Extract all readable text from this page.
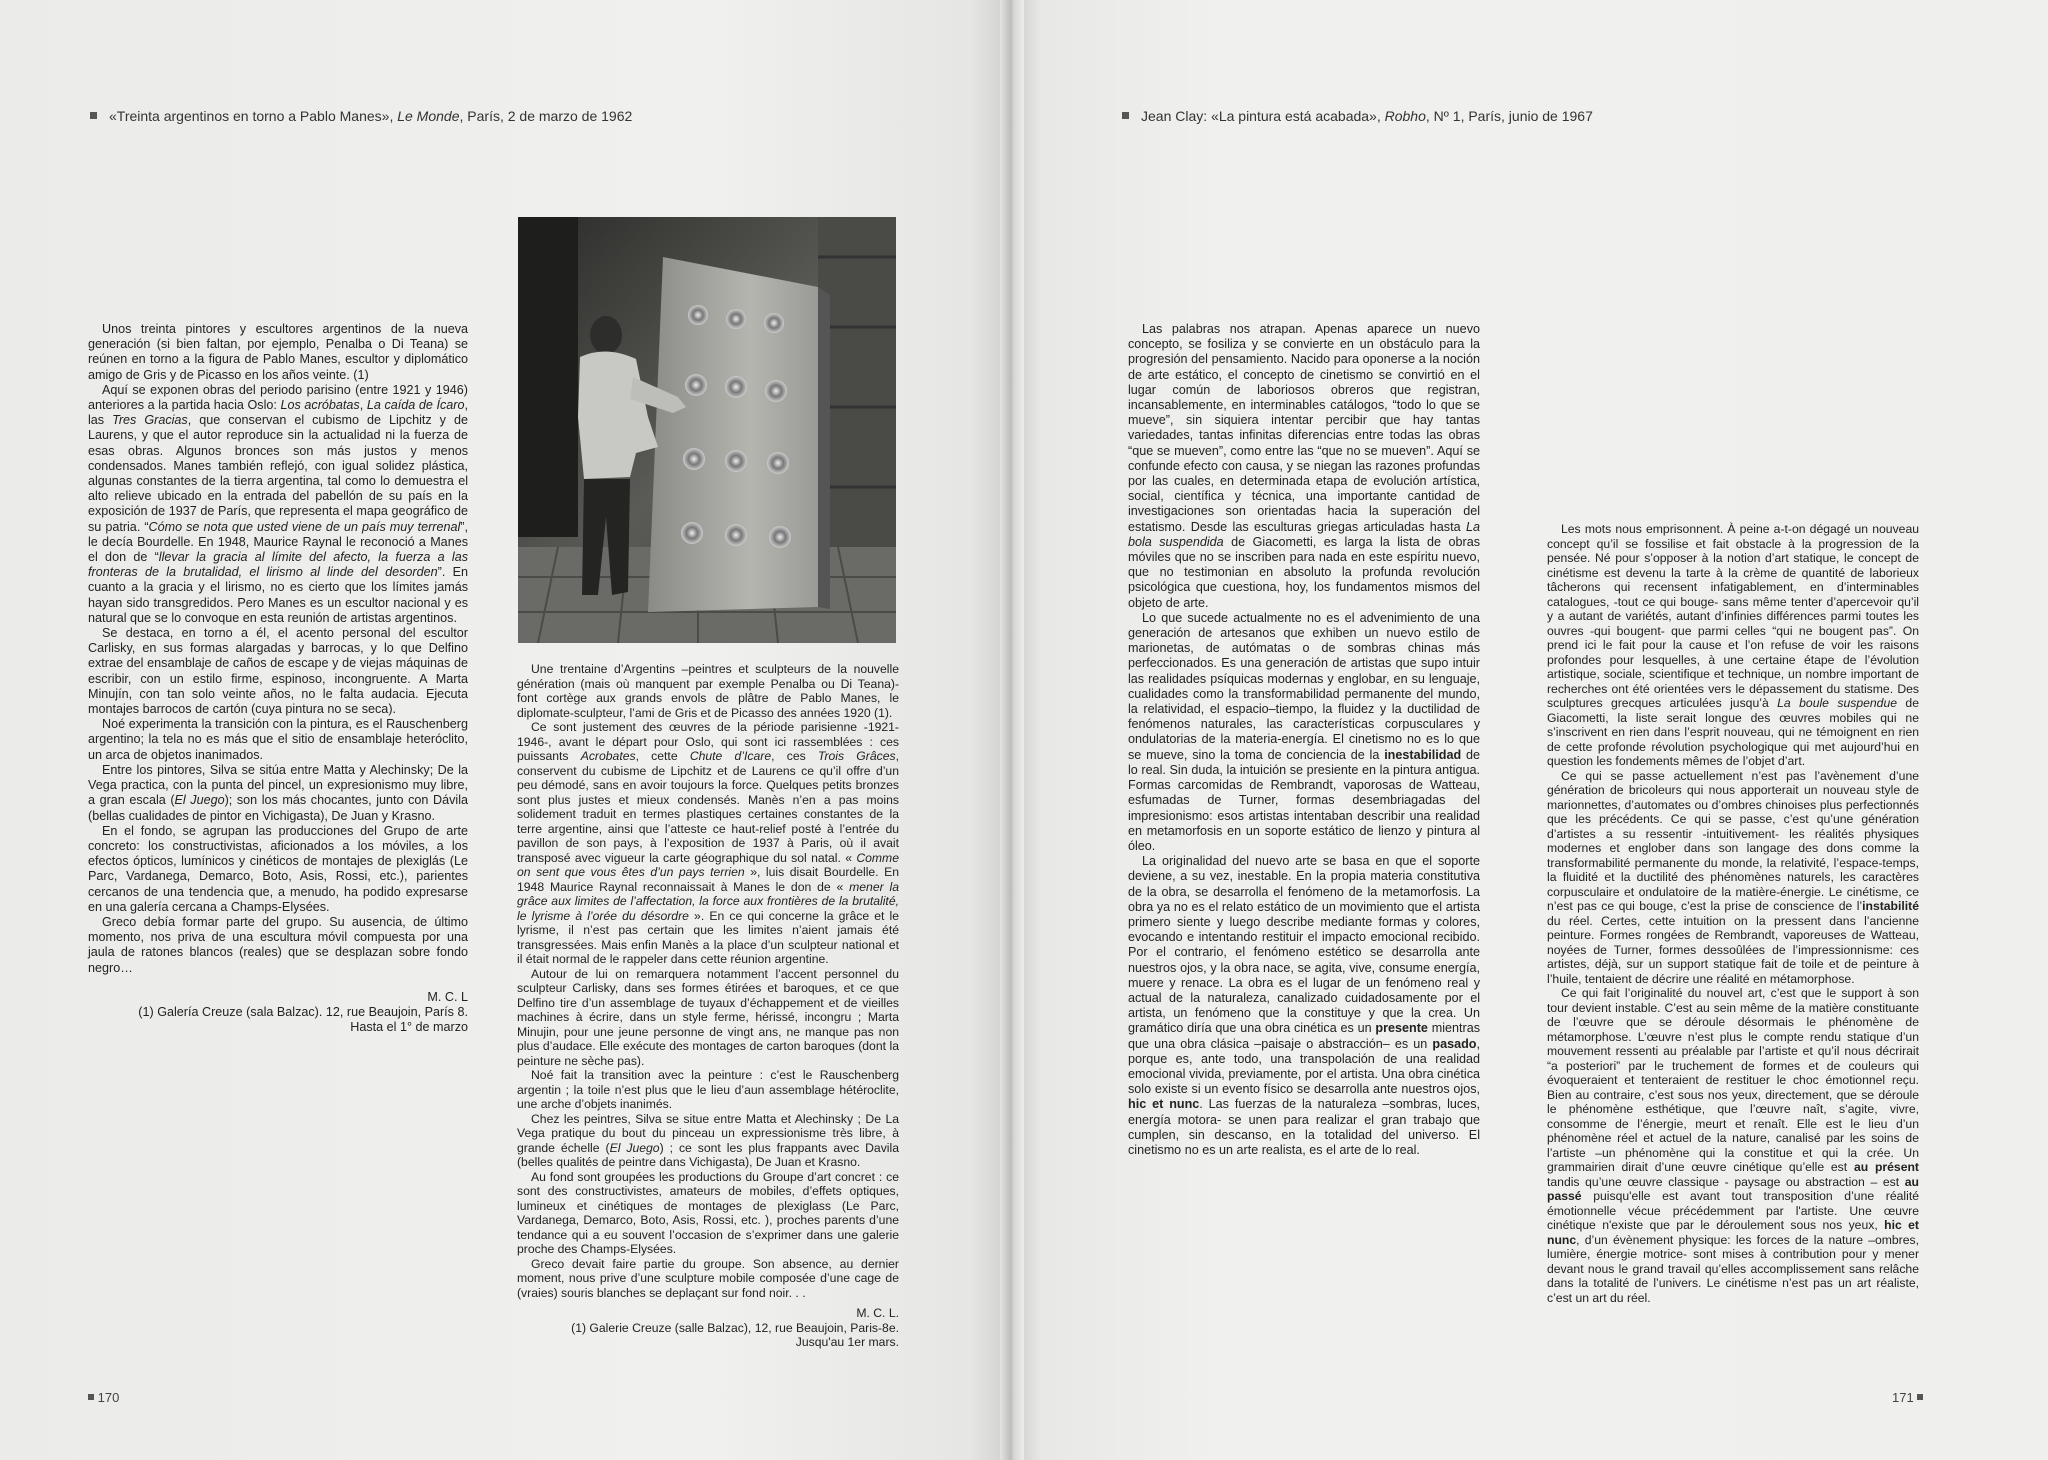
«Treinta argentinos en torno a Pablo Manes», Le Monde, París, 2 de marzo de 1962

Unos treinta pintores y escultores argentinos de la nueva generación (si bien faltan, por ejemplo, Penalba o Di Teana) se reúnen en torno a la figura de Pablo Manes, escultor y diplomático amigo de Gris y de Picasso en los años veinte. (1)

Aquí se exponen obras del periodo parisino (entre 1921 y 1946) anteriores a la partida hacia Oslo: Los acróbatas, La caída de Ícaro, las Tres Gracias, que conservan el cubismo de Lipchitz y de Laurens, y que el autor reproduce sin la actualidad ni la fuerza de esas obras. Algunos bronces son más justos y menos condensados. Manes también reflejó, con igual solidez plástica, algunas constantes de la tierra argentina, tal como lo demuestra el alto relieve ubicado en la entrada del pabellón de su país en la exposición de 1937 de París, que representa el mapa geográfico de su patria. “Cómo se nota que usted viene de un país muy terrenal”, le decía Bourdelle. En 1948, Maurice Raynal le reconoció a Manes el don de “llevar la gracia al límite del afecto, la fuerza a las fronteras de la brutalidad, el lirismo al linde del desorden”. En cuanto a la gracia y el lirismo, no es cierto que los límites jamás hayan sido transgredidos. Pero Manes es un escultor nacional y es natural que se lo convoque en esta reunión de artistas argentinos.

Se destaca, en torno a él, el acento personal del escultor Carlisky, en sus formas alargadas y barrocas, y lo que Delfino extrae del ensamblaje de caños de escape y de viejas máquinas de escribir, con un estilo firme, espinoso, incongruente. A Marta Minujín, con tan solo veinte años, no le falta audacia. Ejecuta montajes barrocos de cartón (cuya pintura no se seca).

Noé experimenta la transición con la pintura, es el Rauschenberg argentino; la tela no es más que el sitio de ensamblaje heteróclito, un arca de objetos inanimados.

Entre los pintores, Silva se sitúa entre Matta y Alechinsky; De la Vega practica, con la punta del pincel, un expresionismo muy libre, a gran escala (El Juego); son los más chocantes, junto con Dávila (bellas cualidades de pintor en Vichigasta), De Juan y Krasno.

En el fondo, se agrupan las producciones del Grupo de arte concreto: los constructivistas, aficionados a los móviles, a los efectos ópticos, lumínicos y cinéticos de montajes de plexiglás (Le Parc, Vardanega, Demarco, Boto, Asis, Rossi, etc.), parientes cercanos de una tendencia que, a menudo, ha podido expresarse en una galería cercana a Champs-Elysées.

Greco debía formar parte del grupo. Su ausencia, de último momento, nos priva de una escultura móvil compuesta por una jaula de ratones blancos (reales) que se desplazan sobre fondo negro…

M. C. L

(1) Galería Creuze (sala Balzac). 12, rue Beaujoin, París 8.

Hasta el 1° de marzo

Une trentaine d’Argentins –peintres et sculpteurs de la nouvelle génération (mais où manquent par exemple Penalba ou Di Teana)- font cortège aux grands envols de plâtre de Pablo Manes, le diplomate-sculpteur, l’ami de Gris et de Picasso des années 1920 (1).

Ce sont justement des œuvres de la période parisienne -1921-1946-, avant le départ pour Oslo, qui sont ici rassemblées : ces puissants Acrobates, cette Chute d’Icare, ces Trois Grâces, conservent du cubisme de Lipchitz et de Laurens ce qu’il offre d’un peu démodé, sans en avoir toujours la force. Quelques petits bronzes sont plus justes et mieux condensés. Manès n’en a pas moins solidement traduit en termes plastiques certaines constantes de la terre argentine, ainsi que l’atteste ce haut-relief posté à l’entrée du pavillon de son pays, à l’exposition de 1937 à Paris, où il avait transposé avec vigueur la carte géographique du sol natal. « Comme on sent que vous êtes d’un pays terrien », luis disait Bourdelle. En 1948 Maurice Raynal reconnaissait à Manes le don de « mener la grâce aux limites de l’affectation, la force aux frontières de la brutalité, le lyrisme à l’orée du désordre ». En ce qui concerne la grâce et le lyrisme, il n’est pas certain que les limites n’aient jamais été transgressées. Mais enfin Manès a la place d’un sculpteur national et il était normal de le rappeler dans cette réunion argentine.

Autour de lui on remarquera notamment l’accent personnel du sculpteur Carlisky, dans ses formes étirées et baroques, et ce que Delfino tire d’un assemblage de tuyaux d’échappement et de vieilles machines à écrire, dans un style ferme, hérissé, incongru ; Marta Minujin, pour une jeune personne de vingt ans, ne manque pas non plus d’audace. Elle exécute des montages de carton baroques (dont la peinture ne sèche pas).

Noé fait la transition avec la peinture : c’est le Rauschenberg argentin ; la toile n’est plus que le lieu d’aun assemblage hétéroclite, une arche d’objets inanimés.

Chez les peintres, Silva se situe entre Matta et Alechinsky ; De La Vega pratique du bout du pinceau un expressionisme très libre, à grande échelle (El Juego) ; ce sont les plus frappants avec Davila (belles qualités de peintre dans Vichigasta), De Juan et Krasno.

Au fond sont groupées les productions du Groupe d’art concret : ce sont des constructivistes, amateurs de mobiles, d’effets optiques, lumineux et cinétiques de montages de plexiglass (Le Parc, Vardanega, Demarco, Boto, Asis, Rossi, etc. ), proches parents d’une tendance qui a eu souvent l’occasion de s’exprimer dans une galerie proche des Champs-Elysées.

Greco devait faire partie du groupe. Son absence, au dernier moment, nous prive d’une sculpture mobile composée d’une cage de (vraies) souris blanches se deplaçant sur fond noir. . .

M. C. L.

(1) Galerie Creuze (salle Balzac), 12, rue Beaujoin, Paris-8e.

Jusqu'au 1er mars.

170
Jean Clay: «La pintura está acabada», Robho, Nº 1, París, junio de 1967

Las palabras nos atrapan. Apenas aparece un nuevo concepto, se fosiliza y se convierte en un obstáculo para la progresión del pensamiento. Nacido para oponerse a la noción de arte estático, el concepto de cinetismo se convirtió en el lugar común de laboriosos obreros que registran, incansablemente, en interminables catálogos, “todo lo que se mueve”, sin siquiera intentar percibir que hay tantas variedades, tantas infinitas diferencias entre todas las obras “que se mueven”, como entre las “que no se mueven”. Aquí se confunde efecto con causa, y se niegan las razones profundas por las cuales, en determinada etapa de evolución artística, social, científica y técnica, una importante cantidad de investigaciones son orientadas hacia la superación del estatismo. Desde las esculturas griegas articuladas hasta La bola suspendida de Giacometti, es larga la lista de obras móviles que no se inscriben para nada en este espíritu nuevo, que no testimonian en absoluto la profunda revolución psicológica que cuestiona, hoy, los fundamentos mismos del objeto de arte.

Lo que sucede actualmente no es el advenimiento de una generación de artesanos que exhiben un nuevo estilo de marionetas, de autómatas o de sombras chinas más perfeccionados. Es una generación de artistas que supo intuir las realidades psíquicas modernas y englobar, en su lenguaje, cualidades como la transformabilidad permanente del mundo, la relatividad, el espacio–tiempo, la fluidez y la ductilidad de fenómenos naturales, las características corpusculares y ondulatorias de la materia-energía. El cinetismo no es lo que se mueve, sino la toma de conciencia de la inestabilidad de lo real. Sin duda, la intuición se presiente en la pintura antigua. Formas carcomidas de Rembrandt, vaporosas de Watteau, esfumadas de Turner, formas desembriagadas del impresionismo: esos artistas intentaban describir una realidad en metamorfosis en un soporte estático de lienzo y pintura al óleo.

La originalidad del nuevo arte se basa en que el soporte deviene, a su vez, inestable. En la propia materia constitutiva de la obra, se desarrolla el fenómeno de la metamorfosis. La obra ya no es el relato estático de un movimiento que el artista primero siente y luego describe mediante formas y colores, evocando e intentando restituir el impacto emocional recibido. Por el contrario, el fenómeno estético se desarrolla ante nuestros ojos, y la obra nace, se agita, vive, consume energía, muere y renace. La obra es el lugar de un fenómeno real y actual de la naturaleza, canalizado cuidadosamente por el artista, un fenómeno que la constituye y que la crea. Un gramático diría que una obra cinética es un presente mientras que una obra clásica –paisaje o abstracción– es un pasado, porque es, ante todo, una transpolación de una realidad emocional vivida, previamente, por el artista. Una obra cinética solo existe si un evento físico se desarrolla ante nuestros ojos, hic et nunc. Las fuerzas de la naturaleza –sombras, luces, energía motora- se unen para realizar el gran trabajo que cumplen, sin descanso, en la totalidad del universo. El cinetismo no es un arte realista, es el arte de lo real.

Les mots nous emprisonnent. À peine a-t-on dégagé un nouveau concept qu’il se fossilise et fait obstacle à la progression de la pensée. Né pour s’opposer à la notion d’art statique, le concept de cinétisme est devenu la tarte à la crème de quantité de laborieux tâcherons qui recensent infatigablement, en d’interminables catalogues, -tout ce qui bouge- sans même tenter d’apercevoir qu’il y a autant de variétés, autant d’infinies différences parmi toutes les ouvres -qui bougent- que parmi celles “qui ne bougent pas”. On prend ici le fait pour la cause et l’on refuse de voir les raisons profondes pour lesquelles, à une certaine étape de l’évolution artistique, sociale, scientifique et technique, un nombre important de recherches ont été orientées vers le dépassement du statisme. Des sculptures grecques articulées jusqu’à La boule suspendue de Giacometti, la liste serait longue des œuvres mobiles qui ne s’inscrivent en rien dans l’esprit nouveau, qui ne témoignent en rien de cette profonde révolution psychologique qui met aujourd’hui en question les fondements mêmes de l’objet d’art.

Ce qui se passe actuellement n’est pas l’avènement d’une génération de bricoleurs qui nous apporterait un nouveau style de marionnettes, d’automates ou d’ombres chinoises plus perfectionnés que les précédents. Ce qui se passe, c’est qu’une génération d’artistes a su ressentir -intuitivement- les réalités physiques modernes et englober dans son langage des dons comme la transformabilité permanente du monde, la relativité, l’espace-temps, la fluidité et la ductilité des phénomènes naturels, les caractères corpusculaire et ondulatoire de la matière-énergie. Le cinétisme, ce n’est pas ce qui bouge, c’est la prise de conscience de l’instabilité du réel. Certes, cette intuition on la pressent dans l’ancienne peinture. Formes rongées de Rembrandt, vaporeuses de Watteau, noyées de Turner, formes dessoûlées de l’impressionnisme: ces artistes, déjà, sur un support statique fait de toile et de peinture à l’huile, tentaient de décrire une réalité en métamorphose.

Ce qui fait l’originalité du nouvel art, c’est que le support à son tour devient instable. C’est au sein même de la matière constituante de l’œuvre que se déroule désormais le phénomène de métamorphose. L’œuvre n’est plus le compte rendu statique d’un mouvement ressenti au préalable par l’artiste et qu’il nous décrirait “a posteriori” par le truchement de formes et de couleurs qui évoqueraient et tenteraient de restituer le choc émotionnel reçu. Bien au contraire, c’est sous nos yeux, directement, que se déroule le phénomène esthétique, que l’œuvre naît, s’agite, vivre, consomme de l’énergie, meurt et renaît. Elle est le lieu d’un phénomène réel et actuel de la nature, canalisé par les soins de l’artiste –un phénomène qui la constitue et qui la crée. Un grammairien dirait d’une œuvre cinétique qu’elle est au présent tandis qu’une œuvre classique - paysage ou abstraction – est au passé puisqu'elle est avant tout transposition d’une réalité émotionnelle vécue précédemment par l'artiste. Une œuvre cinétique n'existe que par le déroulement sous nos yeux, hic et nunc, d’un évènement physique: les forces de la nature –ombres, lumière, énergie motrice- sont mises à contribution pour y mener devant nous le grand travail qu’elles accomplissement sans relâche dans la totalité de l’univers. Le cinétisme n’est pas un art réaliste, c’est un art du réel.

171
